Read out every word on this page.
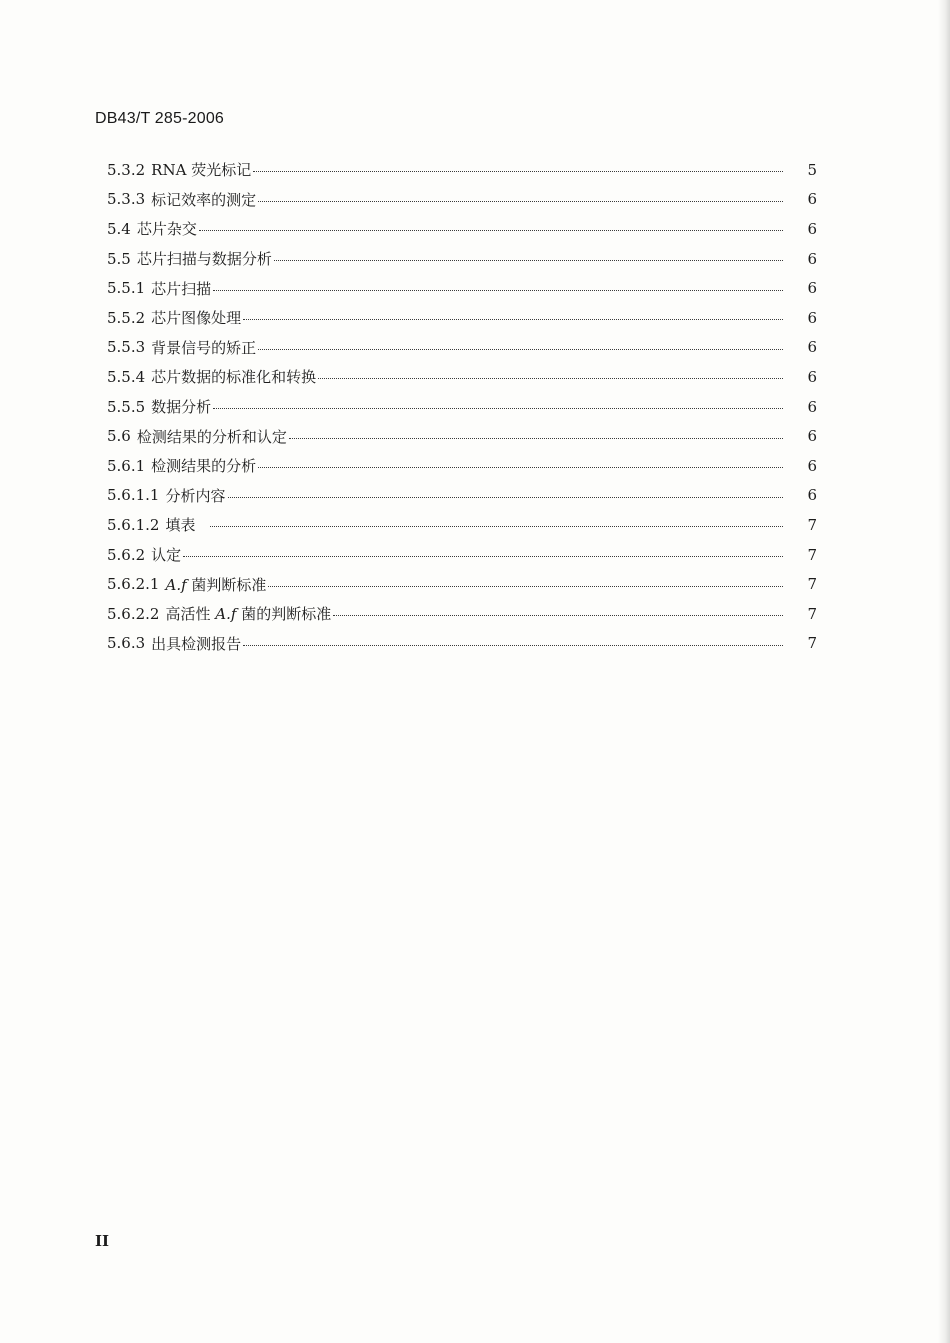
DB43/T 285-2006
5.3.2 RNA 荧光标记	5
5.3.3 标记效率的测定	6
5.4 芯片杂交	6
5.5 芯片扫描与数据分析	6
5.5.1 芯片扫描	6
5.5.2 芯片图像处理	6
5.5.3 背景信号的矫正	6
5.5.4 芯片数据的标准化和转换	6
5.5.5 数据分析	6
5.6 检测结果的分析和认定	6
5.6.1 检测结果的分析	6
5.6.1.1 分析内容	6
5.6.1.2 填表	7
5.6.2 认定	7
5.6.2.1 A.f 菌判断标准	7
5.6.2.2 高活性 A.f 菌的判断标准	7
5.6.3 出具检测报告	7
II
